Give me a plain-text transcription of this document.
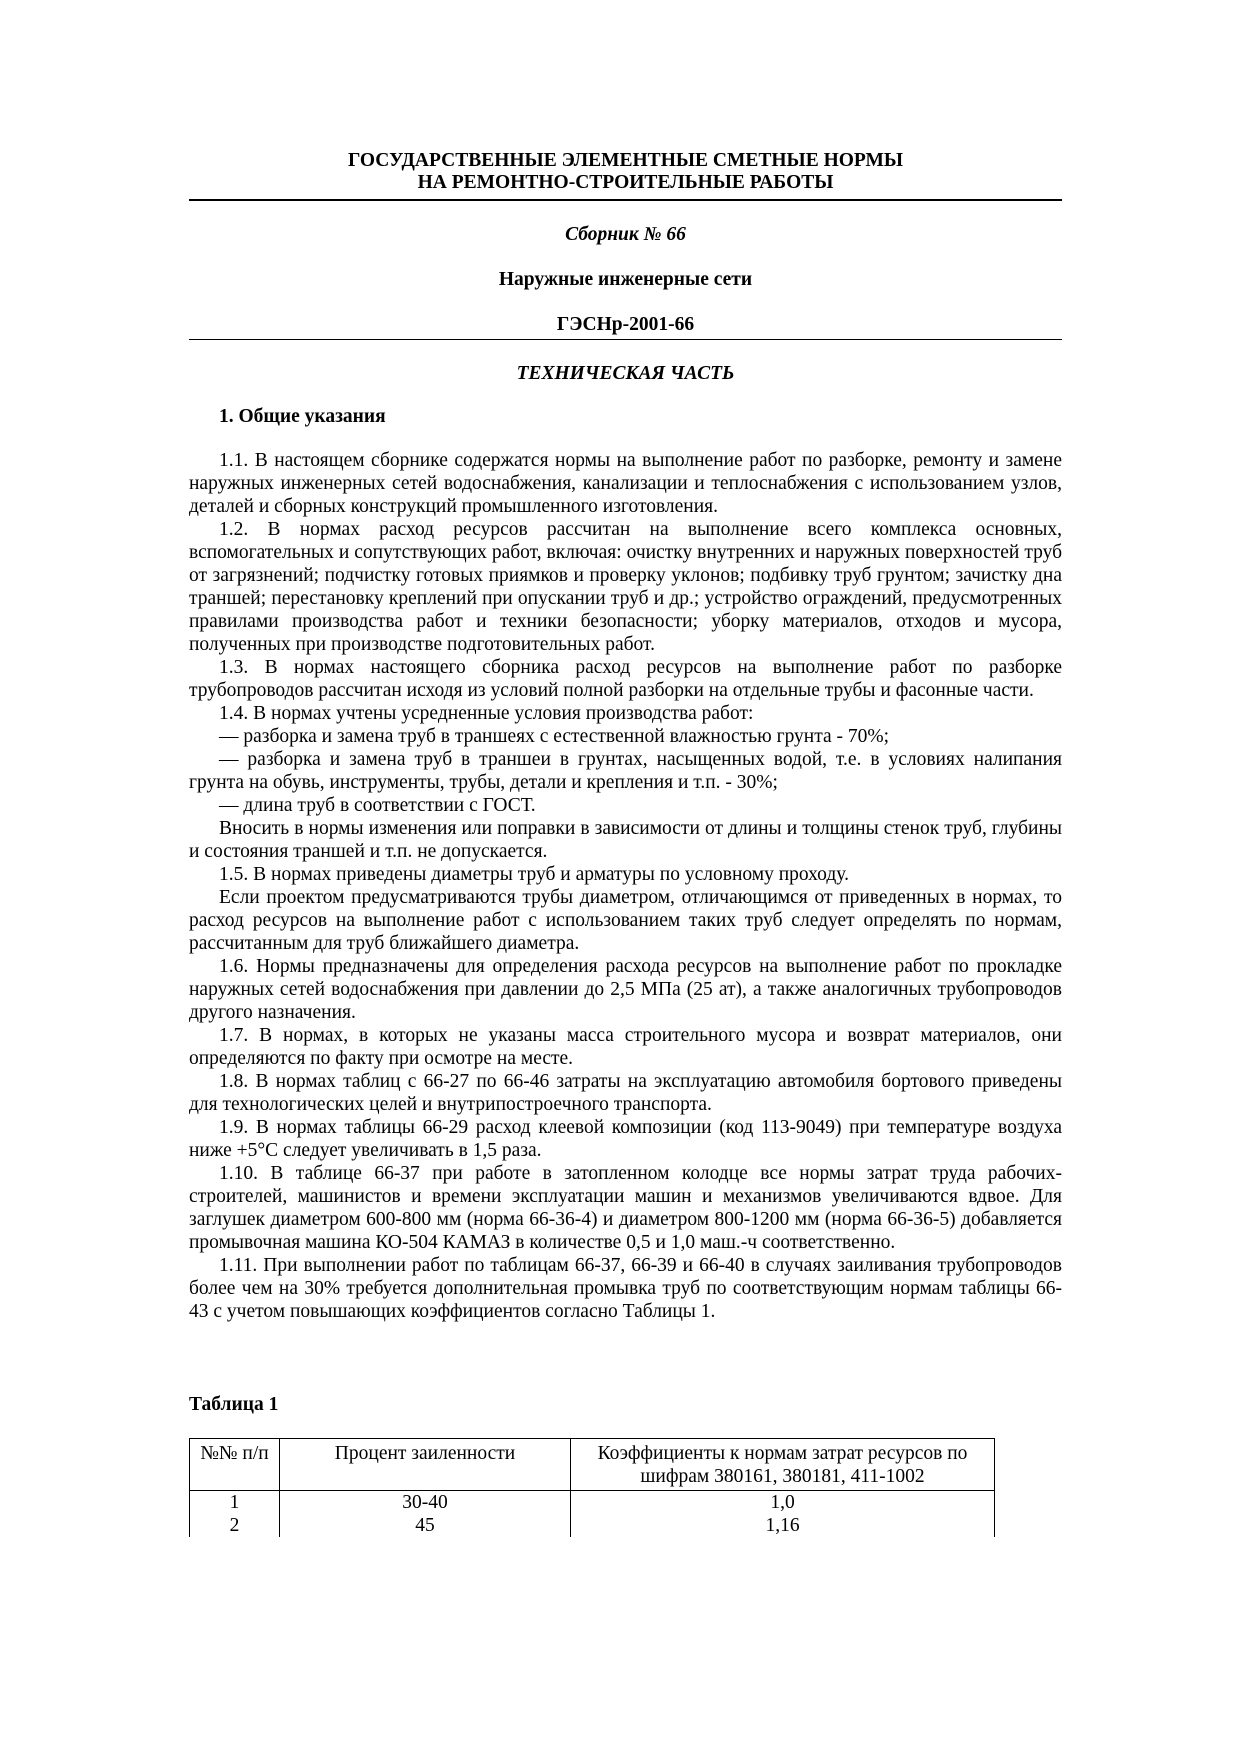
ГОСУДАРСТВЕННЫЕ ЭЛЕМЕНТНЫЕ СМЕТНЫЕ НОРМЫ
НА РЕМОНТНО-СТРОИТЕЛЬНЫЕ РАБОТЫ
Сборник № 66
Наружные инженерные сети
ГЭСНр-2001-66
ТЕХНИЧЕСКАЯ ЧАСТЬ
1. Общие указания

1.1. В настоящем сборнике содержатся нормы на выполнение работ по разборке, ремонту и замене наружных инженерных сетей водоснабжения, канализации и теплоснабжения с использованием узлов, деталей и сборных конструкций промышленного изготовления.

1.2. В нормах расход ресурсов рассчитан на выполнение всего комплекса основных, вспомогательных и сопутствующих работ, включая: очистку внутренних и наружных поверхностей труб от загрязнений; подчистку готовых приямков и проверку уклонов; подбивку труб грунтом; зачистку дна траншей; перестановку креплений при опускании труб и др.; устройство ограждений, предусмотренных правилами производства работ и техники безопасности; уборку материалов, отходов и мусора, полученных при производстве подготовительных работ.

1.3. В нормах настоящего сборника расход ресурсов на выполнение работ по разборке трубопроводов рассчитан исходя из условий полной разборки на отдельные трубы и фасонные части.

1.4. В нормах учтены усредненные условия производства работ:

— разборка и замена труб в траншеях с естественной влажностью грунта - 70%;

— разборка и замена труб в траншеи в грунтах, насыщенных водой, т.е. в условиях налипания грунта на обувь, инструменты, трубы, детали и крепления и т.п. - 30%;

— длина труб в соответствии с ГОСТ.

Вносить в нормы изменения или поправки в зависимости от длины и толщины стенок труб, глубины и состояния траншей и т.п. не допускается.

1.5. В нормах приведены диаметры труб и арматуры по условному проходу.

Если проектом предусматриваются трубы диаметром, отличающимся от приведенных в нормах, то расход ресурсов на выполнение работ с использованием таких труб следует определять по нормам, рассчитанным для труб ближайшего диаметра.

1.6. Нормы предназначены для определения расхода ресурсов на выполнение работ по прокладке наружных сетей водоснабжения при давлении до 2,5 МПа (25 ат), а также аналогичных трубопроводов другого назначения.

1.7. В нормах, в которых не указаны масса строительного мусора и возврат материалов, они определяются по факту при осмотре на месте.

1.8. В нормах таблиц с 66-27 по 66-46 затраты на эксплуатацию автомобиля бортового приведены для технологических целей и внутрипостроечного транспорта.

1.9. В нормах таблицы 66-29 расход клеевой композиции (код 113-9049) при температуре воздуха ниже +5°С следует увеличивать в 1,5 раза.

1.10. В таблице 66-37 при работе в затопленном колодце все нормы затрат труда рабочих-строителей, машинистов и времени эксплуатации машин и механизмов увеличиваются вдвое. Для заглушек диаметром 600-800 мм (норма 66-36-4) и диаметром 800-1200 мм (норма 66-36-5) добавляется промывочная машина КО-504 КАМАЗ в количестве 0,5 и 1,0 маш.-ч соответственно.

1.11. При выполнении работ по таблицам 66-37, 66-39 и 66-40 в случаях заиливания трубопроводов более чем на 30% требуется дополнительная промывка труб по соответствующим нормам таблицы 66-43 с учетом повышающих коэффициентов согласно Таблицы 1.

Таблица 1
№№ п/п	Процент заиленности	Коэффициенты к нормам затрат ресурсов по шифрам 380161, 380181, 411-1002
1	30-40	1,0
2	45	1,16
